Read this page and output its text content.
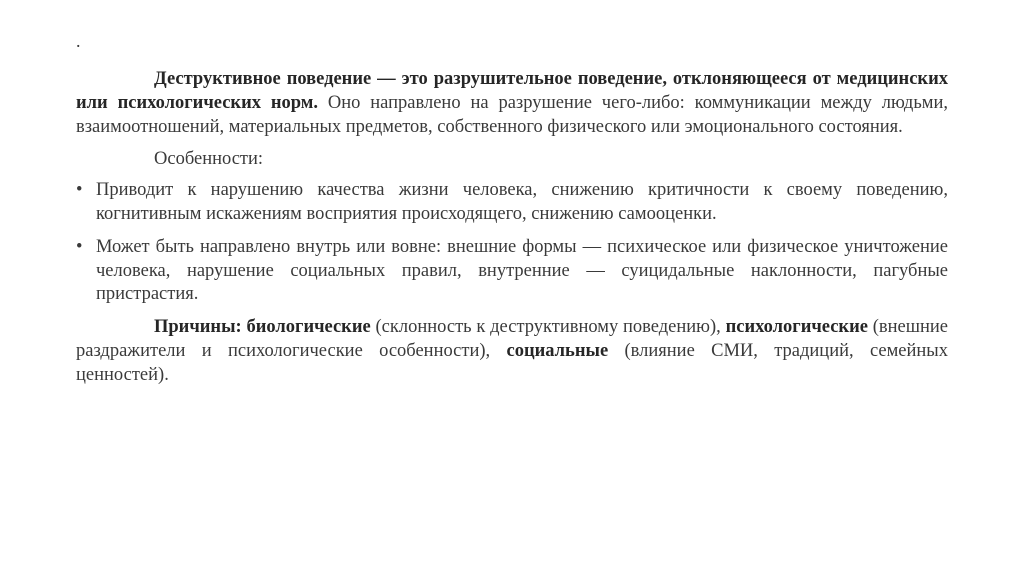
.

Деструктивное поведение — это разрушительное поведение, отклоняющееся от медицинских или психологических норм. Оно направлено на разрушение чего-либо: коммуникации между людьми, взаимоотношений, материальных предметов, собственного физического или эмоционального состояния.

Особенности:

• Приводит к нарушению качества жизни человека, снижению критичности к своему поведению, когнитивным искажениям восприятия происходящего, снижению самооценки.
• Может быть направлено внутрь или вовне: внешние формы — психическое или физическое уничтожение человека, нарушение социальных правил, внутренние — суицидальные наклонности, пагубные пристрастия.

Причины: биологические (склонность к деструктивному поведению), психологические (внешние раздражители и психологические особенности), социальные (влияние СМИ, традиций, семейных ценностей).
